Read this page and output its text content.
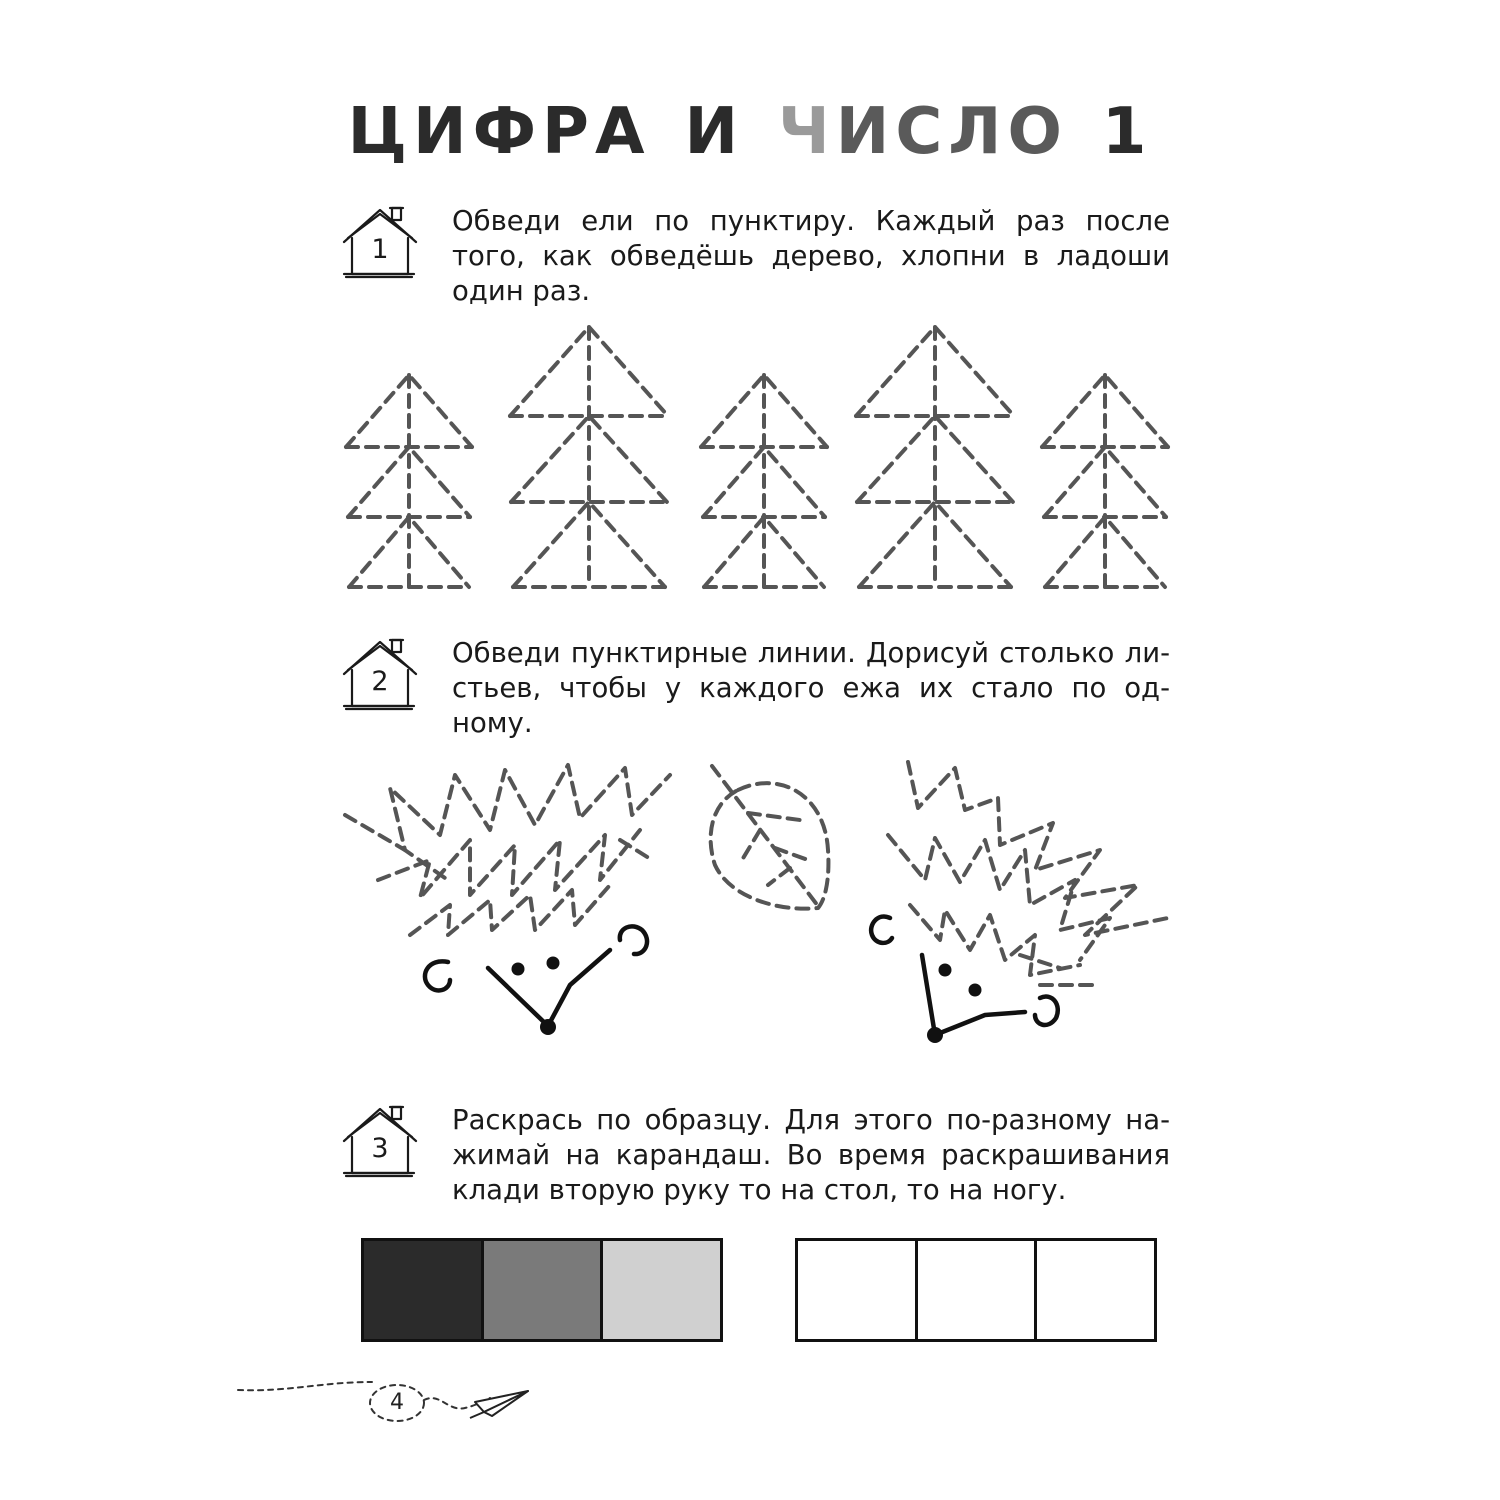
ЦИФРА И ЧИСЛО 1
1
Обведи ели по пунктиру. Каждый раз после
того, как обведёшь дерево, хлопни в ладоши
один раз.
2
Обведи пунктирные линии. Дорисуй столько ли-
стьев, чтобы у каждого ежа их стало по од-
ному.
3
Раскрась по образцу. Для этого по-разному на-
жимай на карандаш. Во время раскрашивания
клади вторую руку то на стол, то на ногу.
4
